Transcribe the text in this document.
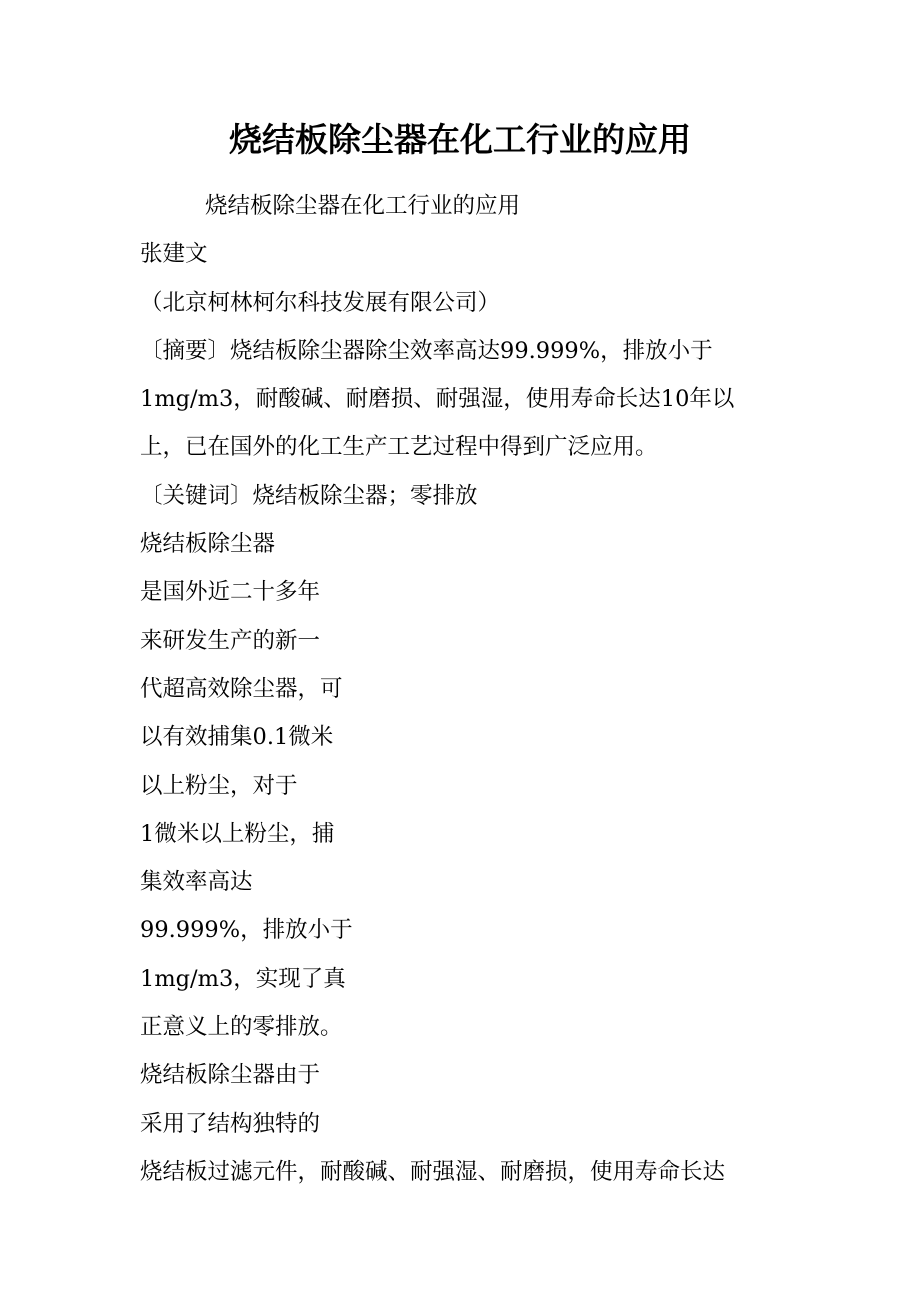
烧结板除尘器在化工行业的应用

烧结板除尘器在化工行业的应用

张建文

（北京柯林柯尔科技发展有限公司）

〔摘要〕烧结板除尘器除尘效率高达99.999%，排放小于

1mg/m3，耐酸碱、耐磨损、耐强湿，使用寿命长达10年以

上，已在国外的化工生产工艺过程中得到广泛应用。

〔关键词〕烧结板除尘器；零排放

烧结板除尘器

是国外近二十多年

来研发生产的新一

代超高效除尘器，可

以有效捕集0.1微米

以上粉尘，对于

1微米以上粉尘，捕

集效率高达

99.999%，排放小于

1mg/m3，实现了真

正意义上的零排放。

烧结板除尘器由于

采用了结构独特的

烧结板过滤元件，耐酸碱、耐强湿、耐磨损，使用寿命长达
